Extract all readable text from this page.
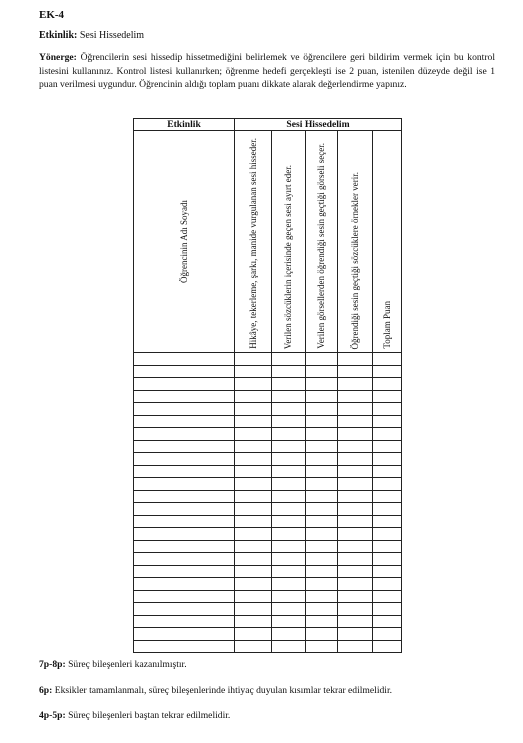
EK-4
Etkinlik: Sesi Hissedelim
Yönerge: Öğrencilerin sesi hissedip hissetmediğini belirlemek ve öğrencilere geri bildirim vermek için bu kontrol listesini kullanınız. Kontrol listesi kullanırken; öğrenme hedefi gerçekleşti ise 2 puan, istenilen düzeyde değil ise 1 puan verilmesi uygundur. Öğrencinin aldığı toplam puanı dikkate alarak değerlendirme yapınız.
Etkinlik	Sesi Hissedelim				

Öğrencinin Adı Soyadı	Hikâye, tekerleme, şarkı, manide vurgulanan sesi hisseder.	Verilen sözcüklerin içerisinde geçen sesi ayırt eder.	Verilen görsellerden öğrendiği sesin geçtiği görseli seçer.	Öğrendiği sesin geçtiği sözcüklere örnekler verir.	Toplam Puan

7p-8p: Süreç bileşenleri kazanılmıştır.
6p: Eksikler tamamlanmalı, süreç bileşenlerinde ihtiyaç duyulan kısımlar tekrar edilmelidir.
4p-5p: Süreç bileşenleri baştan tekrar edilmelidir.
